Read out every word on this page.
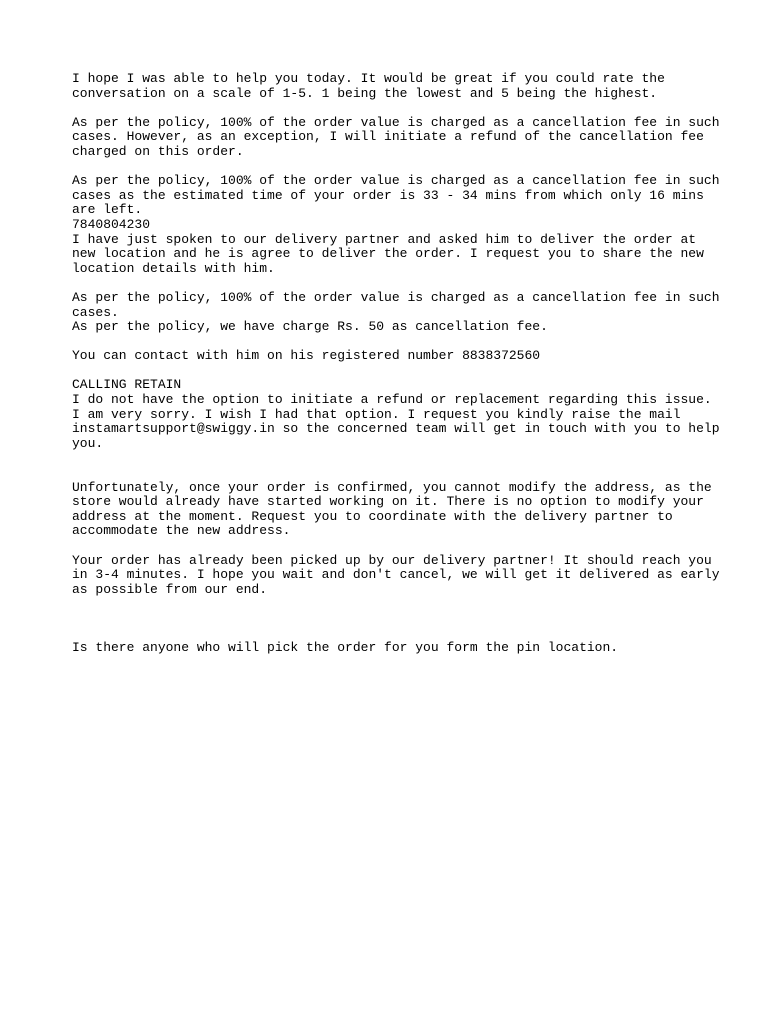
I hope I was able to help you today. It would be great if you could rate the
conversation on a scale of 1-5. 1 being the lowest and 5 being the highest.
As per the policy, 100% of the order value is charged as a cancellation fee in such
cases. However, as an exception, I will initiate a refund of the cancellation fee
charged on this order.
As per the policy, 100% of the order value is charged as a cancellation fee in such
cases as the estimated time of your order is 33 - 34 mins from which only 16 mins
are left.
7840804230
I have just spoken to our delivery partner and asked him to deliver the order at
new location and he is agree to deliver the order. I request you to share the new
location details with him.
As per the policy, 100% of the order value is charged as a cancellation fee in such
cases.
As per the policy, we have charge Rs. 50 as cancellation fee.
You can contact with him on his registered number 8838372560
CALLING RETAIN
I do not have the option to initiate a refund or replacement regarding this issue.
I am very sorry. I wish I had that option. I request you kindly raise the mail
instamartsupport@swiggy.in so the concerned team will get in touch with you to help
you.
Unfortunately, once your order is confirmed, you cannot modify the address, as the
store would already have started working on it. There is no option to modify your
address at the moment. Request you to coordinate with the delivery partner to
accommodate the new address.
Your order has already been picked up by our delivery partner! It should reach you
in 3-4 minutes. I hope you wait and don't cancel, we will get it delivered as early
as possible from our end.
Is there anyone who will pick the order for you form the pin location.
